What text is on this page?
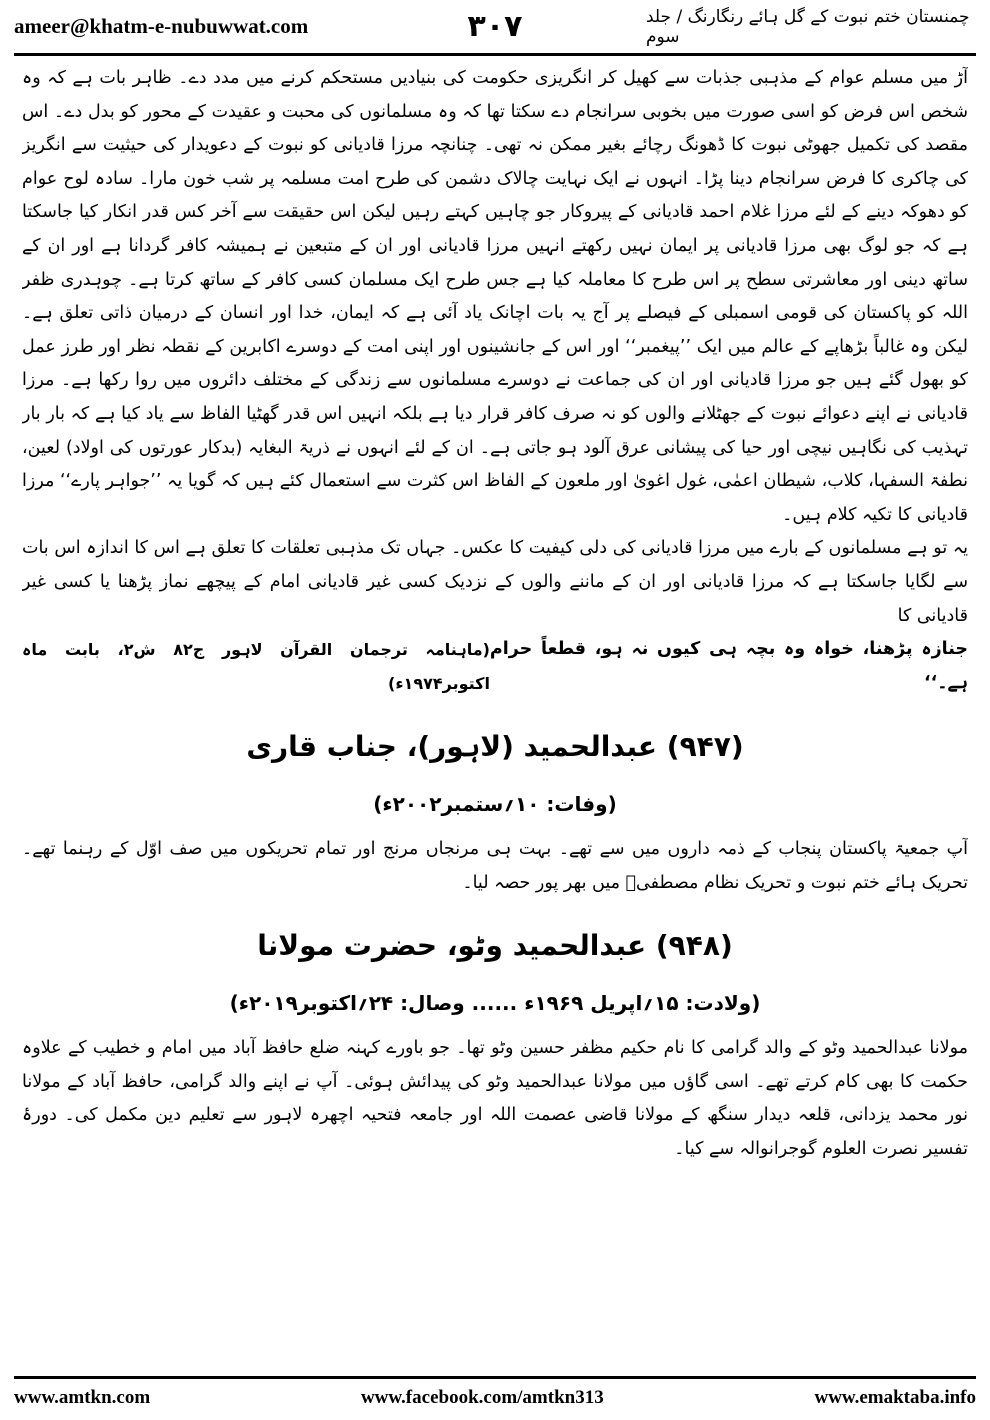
ameer@khatm-e-nubuwwat.com	۳۰۷	چمنستان ختم نبوت کے گل ہائے رنگارنگ / جلد سوم

آڑ میں مسلم عوام کے مذہبی جذبات سے کھیل کر انگریزی حکومت کی بنیادیں مستحکم کرنے میں مدد دے۔ ظاہر بات ہے کہ وہ شخص اس فرض کو اسی صورت میں بخوبی سرانجام دے سکتا تھا کہ وہ مسلمانوں کی محبت و عقیدت کے محور کو بدل دے۔ اس مقصد کی تکمیل جھوٹی نبوت کا ڈھونگ رچائے بغیر ممکن نہ تھی۔ چنانچہ مرزا قادیانی کو نبوت کے دعویدار کی حیثیت سے انگریز کی چاکری کا فرض سرانجام دینا پڑا۔ انہوں نے ایک نہایت چالاک دشمن کی طرح امت مسلمہ پر شب خون مارا۔ سادہ لوح عوام کو دھوکہ دینے کے لئے مرزا غلام احمد قادیانی کے پیروکار جو چاہیں کہتے رہیں لیکن اس حقیقت سے آخر کس قدر انکار کیا جاسکتا ہے کہ جو لوگ بھی مرزا قادیانی پر ایمان نہیں رکھتے انہیں مرزا قادیانی اور ان کے متبعین نے ہمیشہ کافر گردانا ہے اور ان کے ساتھ دینی اور معاشرتی سطح پر اس طرح کا معاملہ کیا ہے جس طرح ایک مسلمان کسی کافر کے ساتھ کرتا ہے۔ چوہدری ظفر اللہ کو پاکستان کی قومی اسمبلی کے فیصلے پر آج یہ بات اچانک یاد آئی ہے کہ ایمان، خدا اور انسان کے درمیان ذاتی تعلق ہے۔ لیکن وہ غالباً بڑھاپے کے عالم میں ایک ’’پیغمبر‘‘ اور اس کے جانشینوں اور اپنی امت کے دوسرے اکابرین کے نقطہ نظر اور طرز عمل کو بھول گئے ہیں جو مرزا قادیانی اور ان کی جماعت نے دوسرے مسلمانوں سے زندگی کے مختلف دائروں میں روا رکھا ہے۔ مرزا قادیانی نے اپنے دعوائے نبوت کے جھٹلانے والوں کو نہ صرف کافر قرار دیا ہے بلکہ انہیں اس قدر گھٹیا الفاظ سے یاد کیا ہے کہ بار بار تہذیب کی نگاہیں نیچی اور حیا کی پیشانی عرق آلود ہو جاتی ہے۔ ان کے لئے انہوں نے ذریۃ البغایہ (بدکار عورتوں کی اولاد) لعین، نطفۃ السفہا، کلاب، شیطان اعمٰی، غول اغویٰ اور ملعون کے الفاظ اس کثرت سے استعمال کئے ہیں کہ گویا یہ ’’جواہر پارے‘‘ مرزا قادیانی کا تکیہ کلام ہیں۔

یہ تو ہے مسلمانوں کے بارے میں مرزا قادیانی کی دلی کیفیت کا عکس۔ جہاں تک مذہبی تعلقات کا تعلق ہے اس کا اندازہ اس بات سے لگایا جاسکتا ہے کہ مرزا قادیانی اور ان کے ماننے والوں کے نزدیک کسی غیر قادیانی امام کے پیچھے نماز پڑھنا یا کسی غیر قادیانی کا

جنازہ پڑھنا، خواہ وہ بچہ ہی کیوں نہ ہو، قطعاً حرام ہے۔‘‘
(ماہنامہ ترجمان القرآن لاہور ج۸۲ ش۲، بابت ماہ اکتوبر۱۹۷۴ء)
(۹۴۷) عبدالحمید (لاہور)، جناب قاری
(وفات: ۱۰؍ستمبر۲۰۰۲ء)

آپ جمعیۃ پاکستان پنجاب کے ذمہ داروں میں سے تھے۔ بہت ہی مرنجاں مرنج اور تمام تحریکوں میں صف اوّل کے رہنما تھے۔ تحریک ہائے ختم نبوت و تحریک نظام مصطفیؐ میں بھر پور حصہ لیا۔

(۹۴۸) عبدالحمید وٹو، حضرت مولانا
(ولادت: ۱۵؍اپریل ۱۹۶۹ء ...... وصال: ۲۴؍اکتوبر۲۰۱۹ء)

مولانا عبدالحمید وٹو کے والد گرامی کا نام حکیم مظفر حسین وٹو تھا۔ جو باورے کہنہ ضلع حافظ آباد میں امام و خطیب کے علاوہ حکمت کا بھی کام کرتے تھے۔ اسی گاؤں میں مولانا عبدالحمید وٹو کی پیدائش ہوئی۔ آپ نے اپنے والد گرامی، حافظ آباد کے مولانا نور محمد یزدانی، قلعہ دیدار سنگھ کے مولانا قاضی عصمت اللہ اور جامعہ فتحیہ اچھرہ لاہور سے تعلیم دین مکمل کی۔ دورۂ تفسیر نصرت العلوم گوجرانوالہ سے کیا۔

www.amtkn.com	www.facebook.com/amtkn313	www.emaktaba.info
